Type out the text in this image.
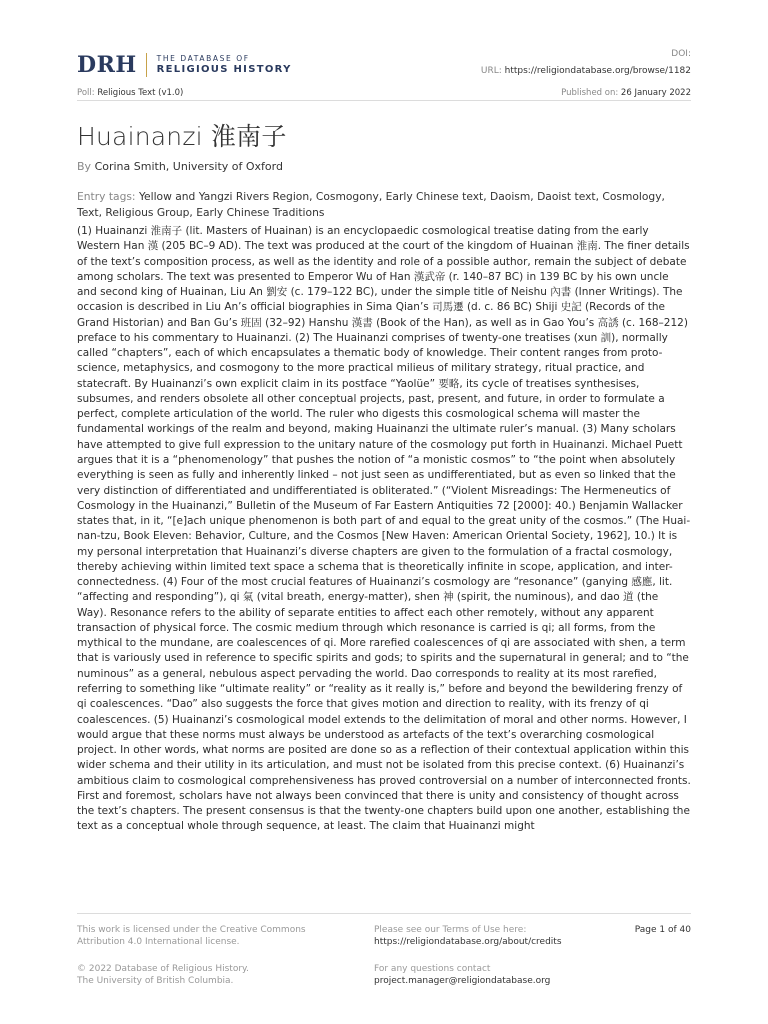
DRH	THE DATABASE OF
RELIGIOUS HISTORY
DOI:
URL: https://religiondatabase.org/browse/1182
Poll: Religious Text (v1.0)	Published on: 26 January 2022
Huainanzi 淮南子
By Corina Smith, University of Oxford
Entry tags: Yellow and Yangzi Rivers Region, Cosmogony, Early Chinese text, Daoism, Daoist text, Cosmology, Text, Religious Group, Early Chinese Traditions
(1) Huainanzi 淮南子 (lit. Masters of Huainan) is an encyclopaedic cosmological treatise dating from the early Western Han 漢 (205 BC–9 AD). The text was produced at the court of the kingdom of Huainan 淮南. The finer details of the text’s composition process, as well as the identity and role of a possible author, remain the subject of debate among scholars. The text was presented to Emperor Wu of Han 漢武帝 (r. 140–87 BC) in 139 BC by his own uncle and second king of Huainan, Liu An 劉安 (c. 179–122 BC), under the simple title of Neishu 內書 (Inner Writings). The occasion is described in Liu An’s official biographies in Sima Qian’s 司馬遷 (d. c. 86 BC) Shiji 史記 (Records of the Grand Historian) and Ban Gu’s 班固 (32–92) Hanshu 漢書 (Book of the Han), as well as in Gao You’s 高誘 (c. 168–212) preface to his commentary to Huainanzi. (2) The Huainanzi comprises of twenty-one treatises (xun 訓), normally called “chapters”, each of which encapsulates a thematic body of knowledge. Their content ranges from proto-science, metaphysics, and cosmogony to the more practical milieus of military strategy, ritual practice, and statecraft. By Huainanzi’s own explicit claim in its postface “Yaolüe” 要略, its cycle of treatises synthesises, subsumes, and renders obsolete all other conceptual projects, past, present, and future, in order to formulate a perfect, complete articulation of the world. The ruler who digests this cosmological schema will master the fundamental workings of the realm and beyond, making Huainanzi the ultimate ruler’s manual. (3) Many scholars have attempted to give full expression to the unitary nature of the cosmology put forth in Huainanzi. Michael Puett argues that it is a “phenomenology” that pushes the notion of “a monistic cosmos” to “the point when absolutely everything is seen as fully and inherently linked – not just seen as undifferentiated, but as even so linked that the very distinction of differentiated and undifferentiated is obliterated.” (“Violent Misreadings: The Hermeneutics of Cosmology in the Huainanzi,” Bulletin of the Museum of Far Eastern Antiquities 72 [2000]: 40.) Benjamin Wallacker states that, in it, “[e]ach unique phenomenon is both part of and equal to the great unity of the cosmos.” (The Huai-nan-tzu, Book Eleven: Behavior, Culture, and the Cosmos [New Haven: American Oriental Society, 1962], 10.) It is my personal interpretation that Huainanzi’s diverse chapters are given to the formulation of a fractal cosmology, thereby achieving within limited text space a schema that is theoretically infinite in scope, application, and inter-connectedness. (4) Four of the most crucial features of Huainanzi’s cosmology are “resonance” (ganying 感應, lit. “affecting and responding”), qi 氣 (vital breath, energy-matter), shen 神 (spirit, the numinous), and dao 道 (the Way). Resonance refers to the ability of separate entities to affect each other remotely, without any apparent transaction of physical force. The cosmic medium through which resonance is carried is qi; all forms, from the mythical to the mundane, are coalescences of qi. More rarefied coalescences of qi are associated with shen, a term that is variously used in reference to specific spirits and gods; to spirits and the supernatural in general; and to “the numinous” as a general, nebulous aspect pervading the world. Dao corresponds to reality at its most rarefied, referring to something like “ultimate reality” or “reality as it really is,” before and beyond the bewildering frenzy of qi coalescences. “Dao” also suggests the force that gives motion and direction to reality, with its frenzy of qi coalescences. (5) Huainanzi’s cosmological model extends to the delimitation of moral and other norms. However, I would argue that these norms must always be understood as artefacts of the text’s overarching cosmological project. In other words, what norms are posited are done so as a reflection of their contextual application within this wider schema and their utility in its articulation, and must not be isolated from this precise context. (6) Huainanzi’s ambitious claim to cosmological comprehensiveness has proved controversial on a number of interconnected fronts. First and foremost, scholars have not always been convinced that there is unity and consistency of thought across the text’s chapters. The present consensus is that the twenty-one chapters build upon one another, establishing the text as a conceptual whole through sequence, at least. The claim that Huainanzi might
This work is licensed under the Creative Commons
Attribution 4.0 International license.
© 2022 Database of Religious History.
The University of British Columbia.
Please see our Terms of Use here:
https://religiondatabase.org/about/credits
For any questions contact
project.manager@religiondatabase.org
Page 1 of 40
